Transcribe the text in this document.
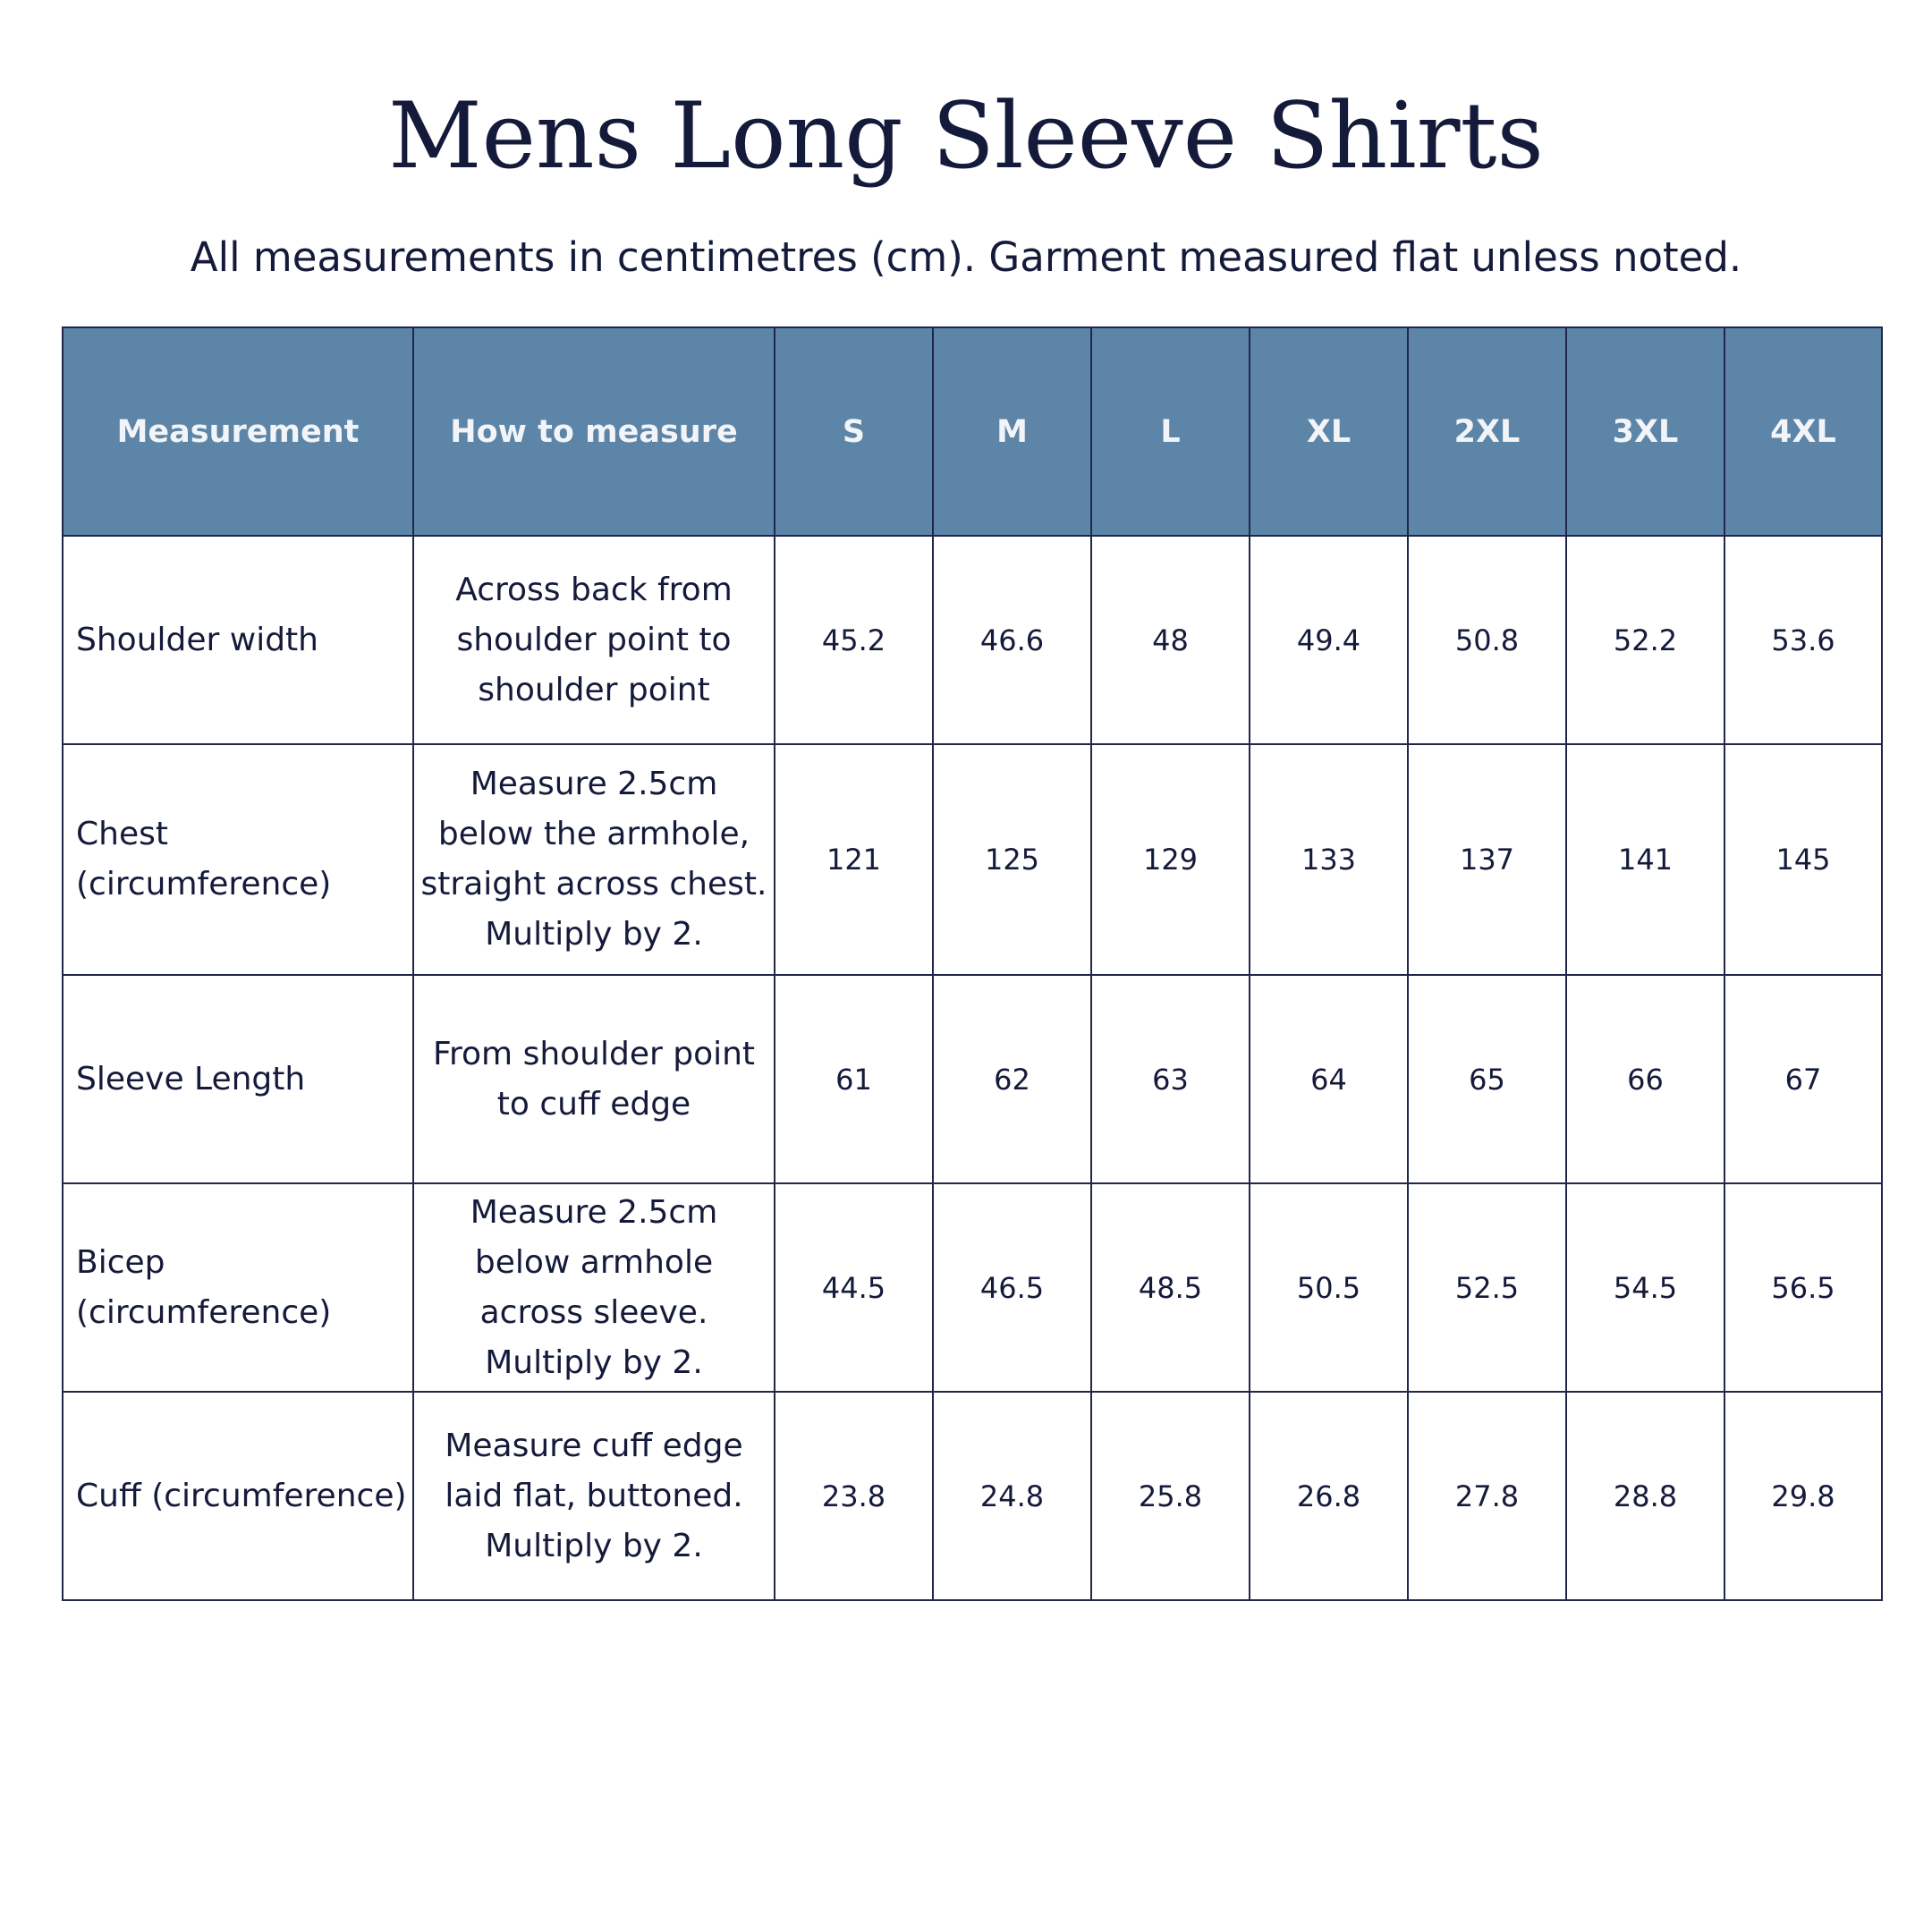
Mens Long Sleeve Shirts

All measurements in centimetres (cm). Garment measured flat unless noted.

Measurement	How to measure	S	M	L	XL	2XL	3XL	4XL
Shoulder width	Across back from shoulder point to shoulder point	45.2	46.6	48	49.4	50.8	52.2	53.6
Chest (circumference)	Measure 2.5cm below the armhole, straight across chest. Multiply by 2.	121	125	129	133	137	141	145
Sleeve Length	From shoulder point to cuff edge	61	62	63	64	65	66	67
Bicep (circumference)	Measure 2.5cm below armhole across sleeve. Multiply by 2.	44.5	46.5	48.5	50.5	52.5	54.5	56.5
Cuff (circumference)	Measure cuff edge laid flat, buttoned. Multiply by 2.	23.8	24.8	25.8	26.8	27.8	28.8	29.8
